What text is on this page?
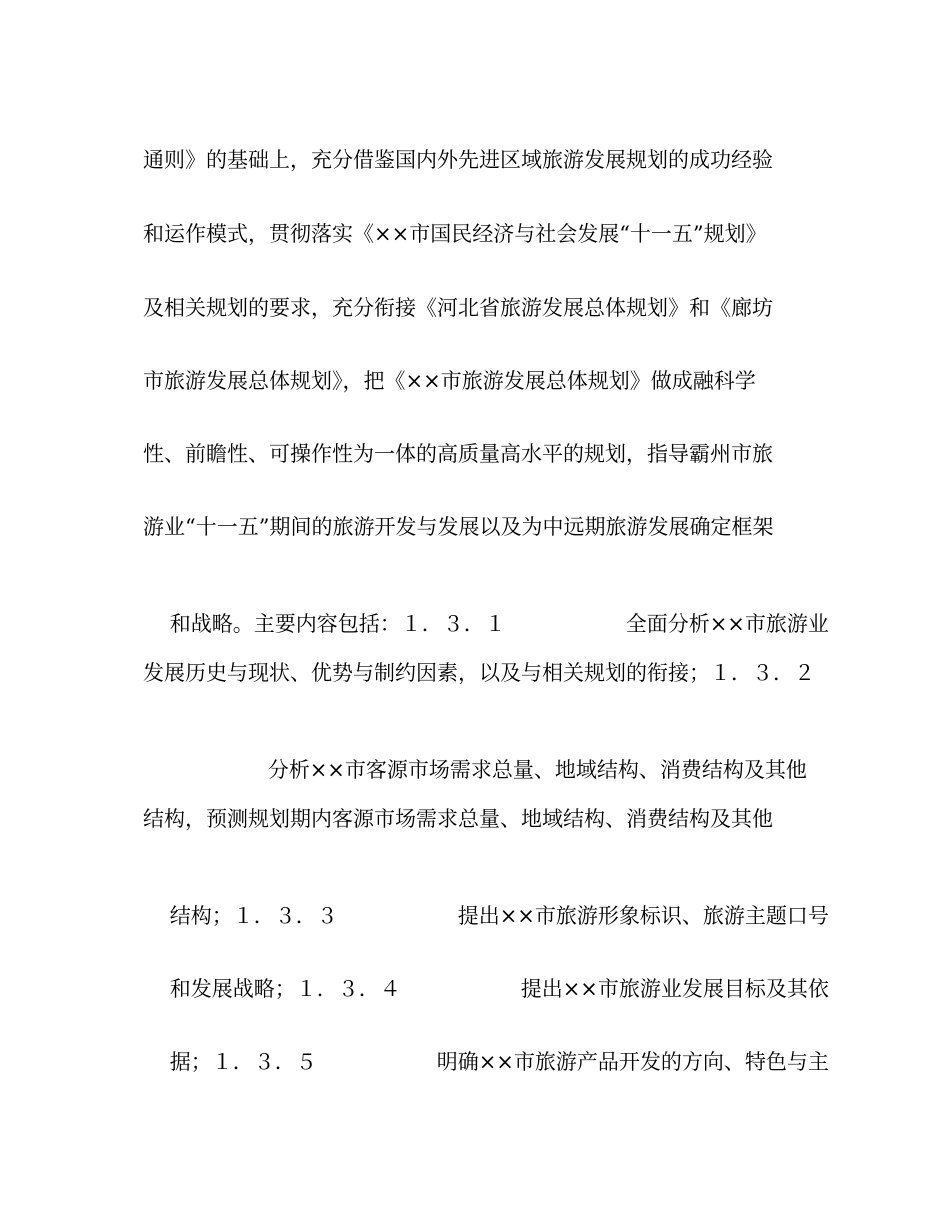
通则》的基础上，充分借鉴国内外先进区域旅游发展规划的成功经验
和运作模式，贯彻落实《××市国民经济与社会发展“十一五”规划》
及相关规划的要求，充分衔接《河北省旅游发展总体规划》和《廊坊
市旅游发展总体规划》，把《××市旅游发展总体规划》做成融科学
性、前瞻性、可操作性为一体的高质量高水平的规划，指导霸州市旅
游业“十一五”期间的旅游开发与发展以及为中远期旅游发展确定框架

和战略。主要内容包括：１．３．１	全面分析××市旅游业

发展历史与现状、优势与制约因素，以及与相关规划的衔接；１．３．２

分析××市客源市场需求总量、地域结构、消费结构及其他

结构，预测规划期内客源市场需求总量、地域结构、消费结构及其他

结构；１．３．３	提出××市旅游形象标识、旅游主题口号

和发展战略；１．３．４	提出××市旅游业发展目标及其依

据；１．３．５	明确××市旅游产品开发的方向、特色与主
